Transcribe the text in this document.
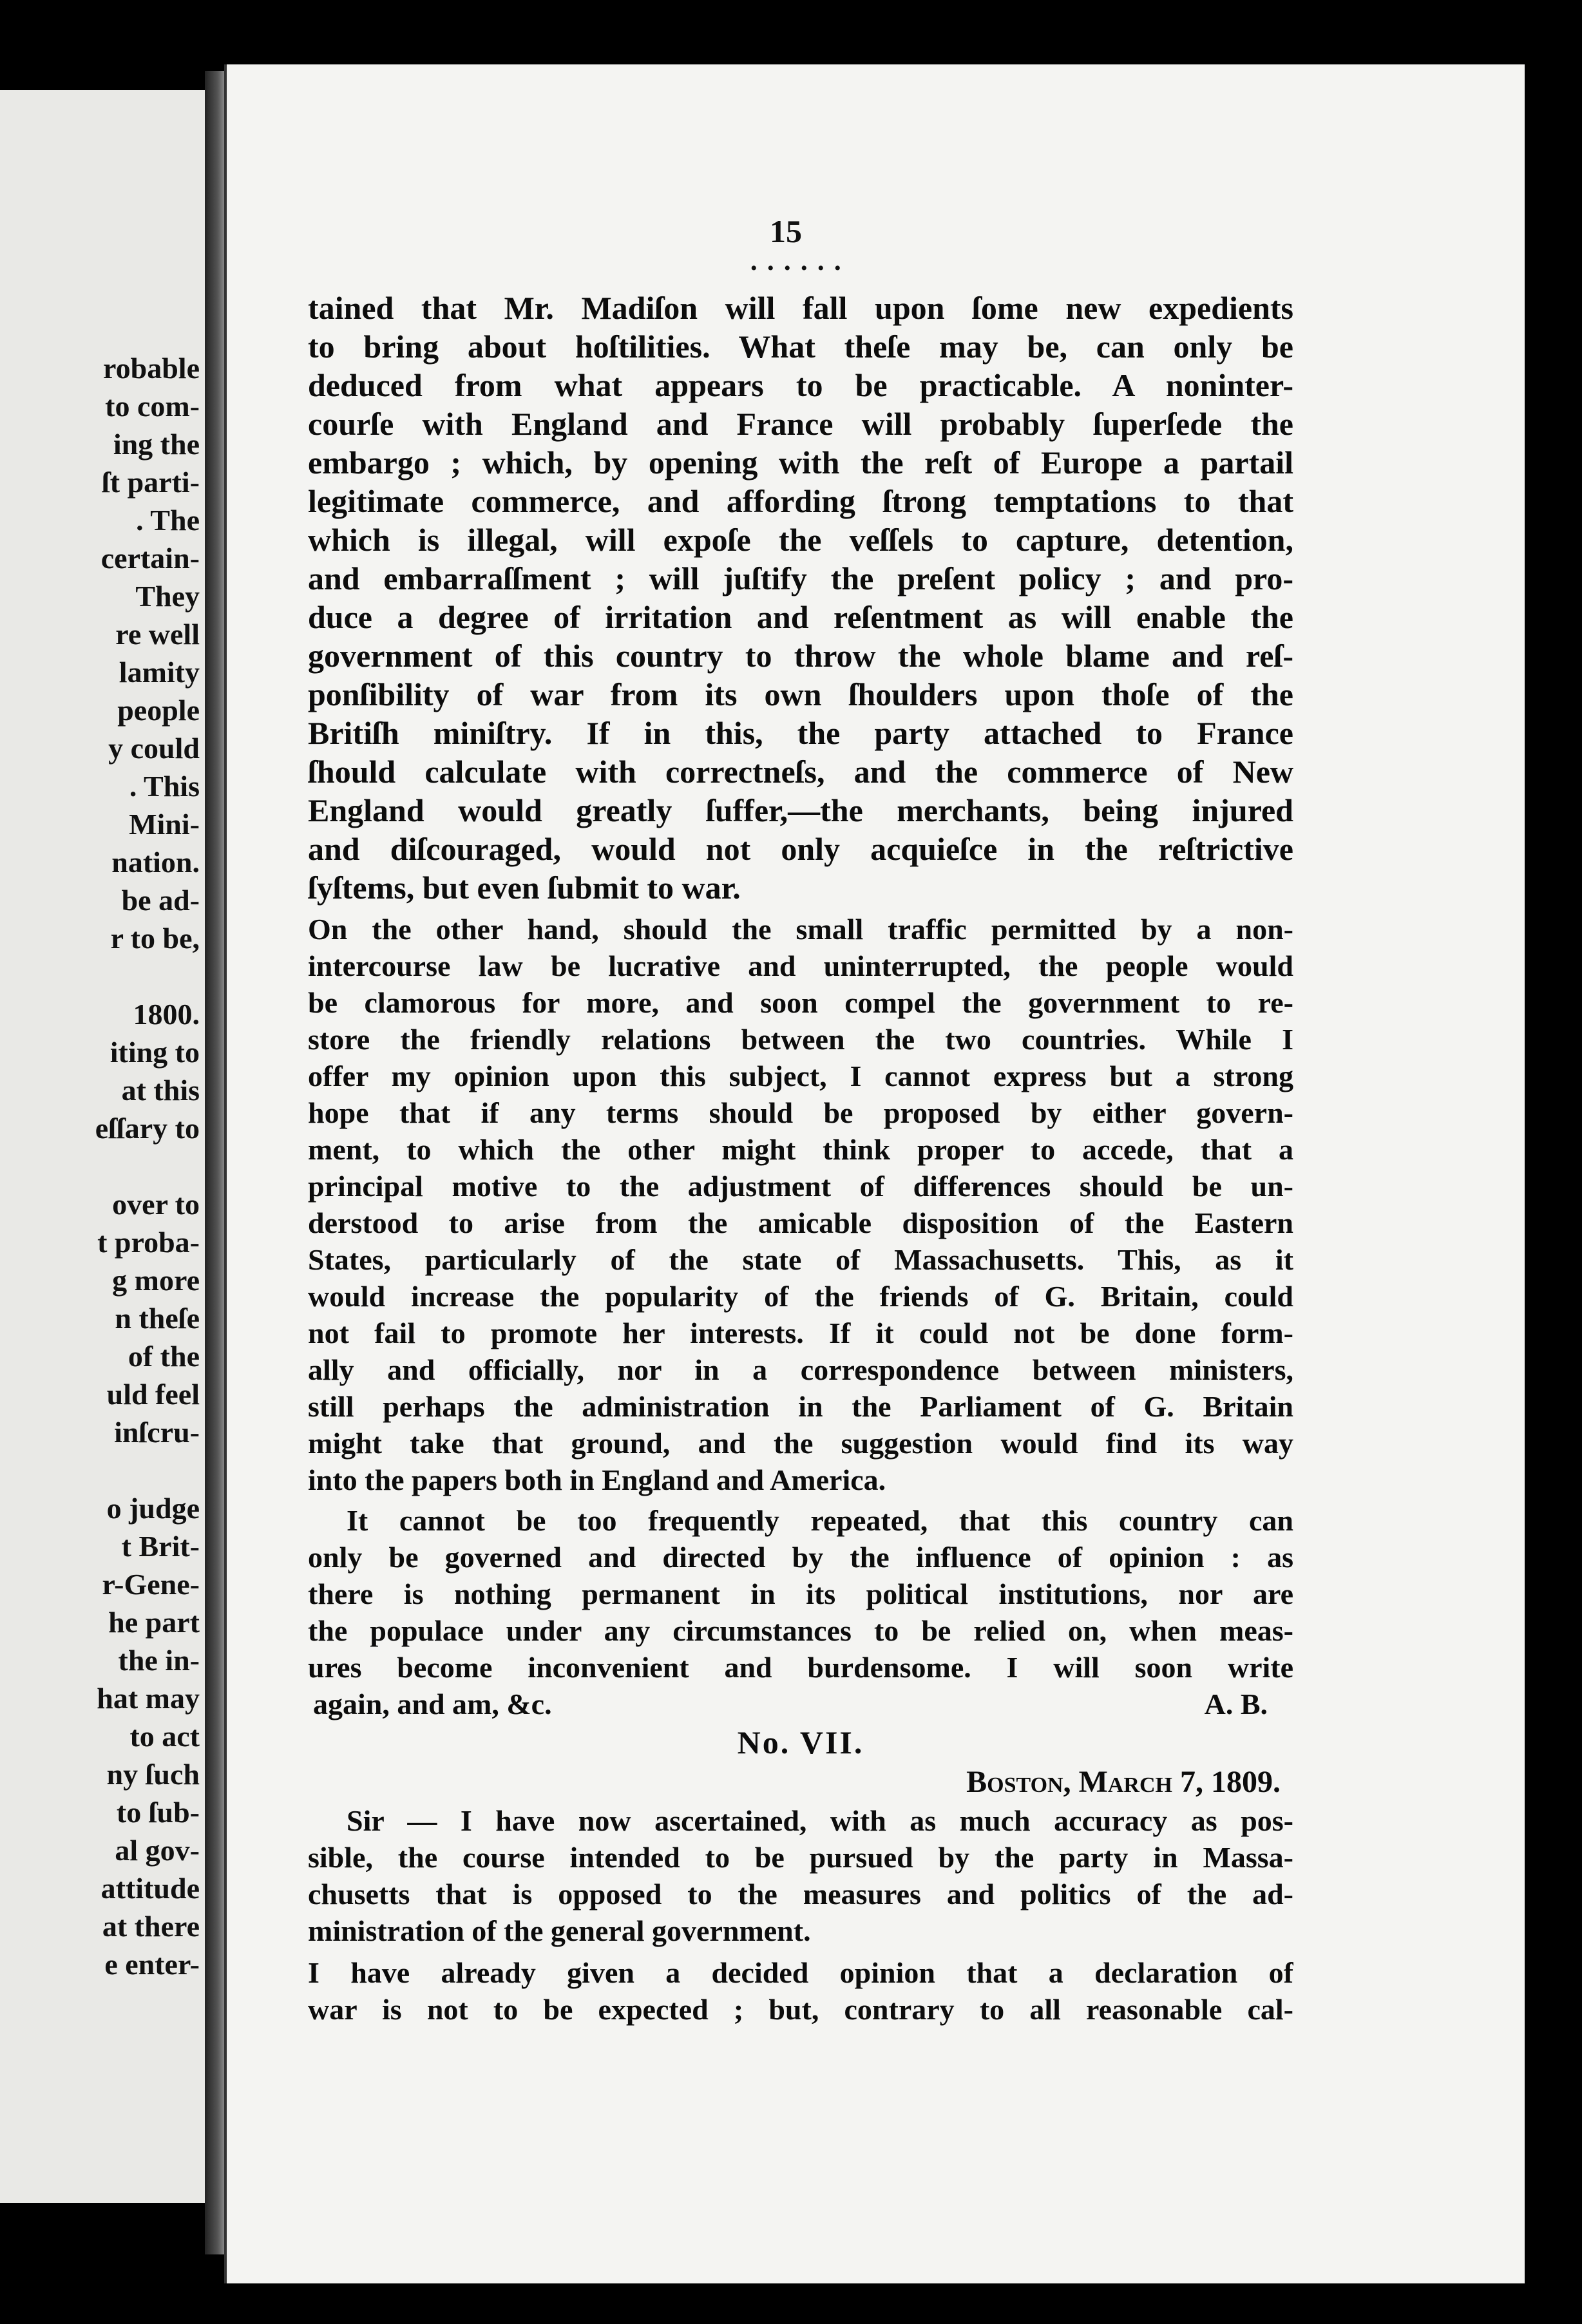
robable
to com-
ing the
ſt parti-
. The
certain-
They
re well
lamity
people
y could
. This
Mini-
nation.
be ad-
r to be,
1800.
iting to
at this
eſſary to
over to
t proba-
g more
n theſe
of the
uld feel
inſcru-
o judge
t Brit-
r-Gene-
he part
the in-
hat may
to act
ny ſuch
to ſub-
al gov-
attitude
at there
e enter-
15
• • • • • •
tained that Mr. Madiſon will fall upon ſome new expedients
to bring about hoſtilities. What theſe may be, can only be
deduced from what appears to be practicable. A noninter-
courſe with England and France will probably ſuperſede the
embargo ; which, by opening with the reſt of Europe a partail
legitimate commerce, and affording ſtrong temptations to that
which is illegal, will expoſe the veſſels to capture, detention,
and embarraſſment ; will juſtify the preſent policy ; and pro-
duce a degree of irritation and reſentment as will enable the
government of this country to throw the whole blame and reſ-
ponſibility of war from its own ſhoulders upon thoſe of the
Britiſh miniſtry. If in this, the party attached to France
ſhould calculate with correctneſs, and the commerce of New
England would greatly ſuffer,—the merchants, being injured
and diſcouraged, would not only acquieſce in the reſtrictive
ſyſtems, but even ſubmit to war.
On the other hand, should the small traffic permitted by a non-
intercourse law be lucrative and uninterrupted, the people would
be clamorous for more, and soon compel the government to re-
store the friendly relations between the two countries. While I
offer my opinion upon this subject, I cannot express but a strong
hope that if any terms should be proposed by either govern-
ment, to which the other might think proper to accede, that a
principal motive to the adjustment of differences should be un-
derstood to arise from the amicable disposition of the Eastern
States, particularly of the state of Massachusetts. This, as it
would increase the popularity of the friends of G. Britain, could
not fail to promote her interests. If it could not be done form-
ally and officially, nor in a correspondence between ministers,
still perhaps the administration in the Parliament of G. Britain
might take that ground, and the suggestion would find its way
into the papers both in England and America.
It cannot be too frequently repeated, that this country can
only be governed and directed by the influence of opinion : as
there is nothing permanent in its political institutions, nor are
the populace under any circumstances to be relied on, when meas-
ures become inconvenient and burdensome. I will soon write
again, and am, &c.	A. B.
No. VII.
Boston, March 7, 1809.
Sir — I have now ascertained, with as much accuracy as pos-
sible, the course intended to be pursued by the party in Massa-
chusetts that is opposed to the measures and politics of the ad-
ministration of the general government.
I have already given a decided opinion that a declaration of
war is not to be expected ; but, contrary to all reasonable cal-
